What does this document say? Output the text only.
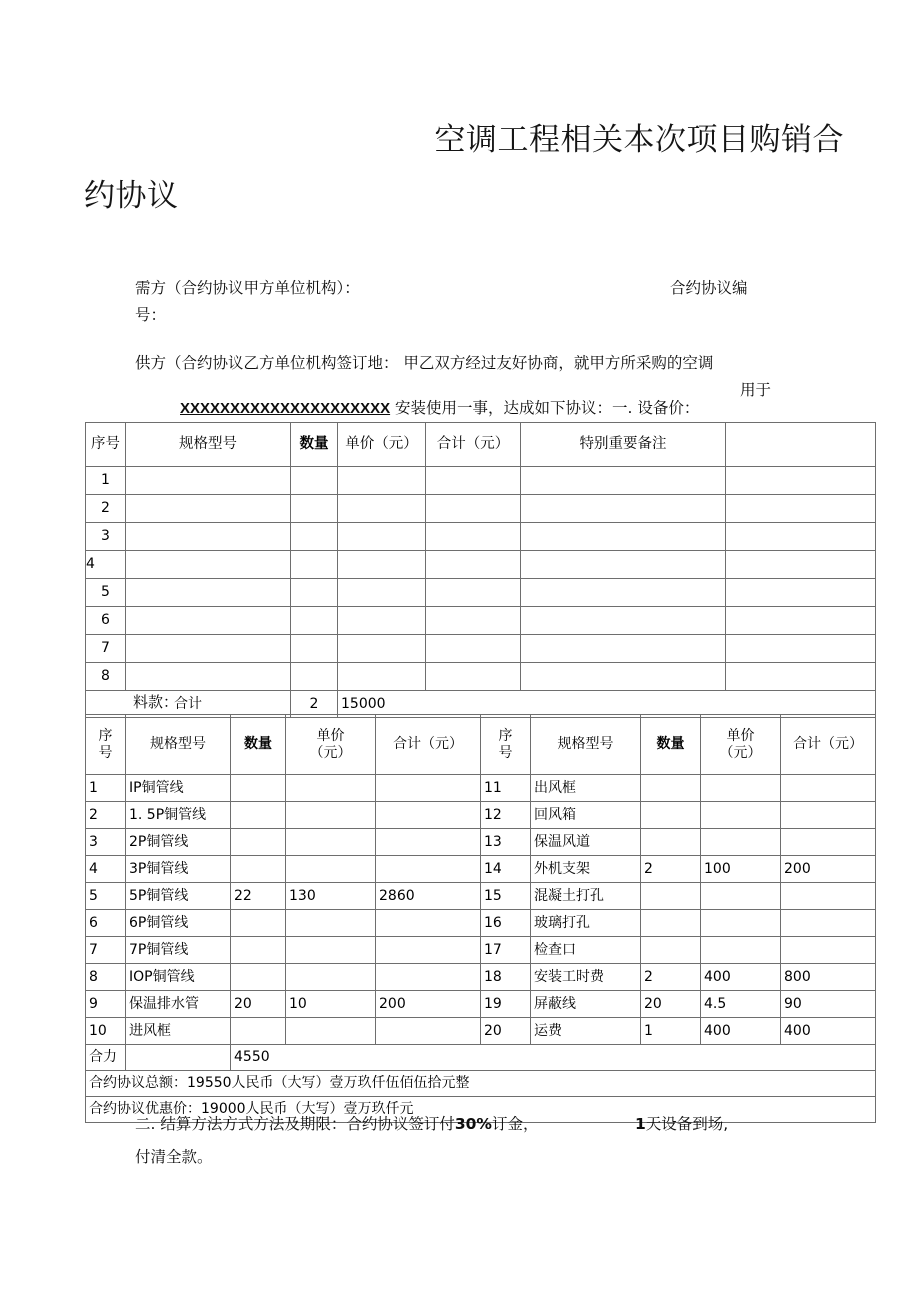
空调工程相关本次项目购销合
约协议
需方（合约协议甲方单位机构）：	合约协议编
号：
供方（合约协议乙方单位机构签订地： 甲乙双方经过友好协商，就甲方所采购的空调
用于
XXXXXXXXXXXXXXXXXXXXX 安装使用一事，达成如下协议：一. 设备价：
序号	规格型号	数量	单价（元）	合计（元）	特别重要备注	
1						
2						
3						
4						
5						
6						
7						
8						
合计		2	15000			
料款：
序
号	规格型号	数量	单价
（元）	合计（元）	序
号	规格型号	数量	单价
（元）	合计（元）
1	IP铜管线				11	出风框			
2	1. 5P铜管线				12	回风箱			
3	2P铜管线				13	保温风道			
4	3P铜管线				14	外机支架	2	100	200
5	5P铜管线	22	130	2860	15	混凝土打孔			
6	6P铜管线				16	玻璃打孔			
7	7P铜管线				17	检查口			
8	IOP铜管线				18	安装工时费	2	400	800
9	保温排水管	20	10	200	19	屏蔽线	20	4.5	90
10	进风框				20	运费	1	400	400
合力		4550							
合约协议总额：19550人民币（大写）壹万玖仟伍佰伍拾元整									
合约协议优惠价：19000人民币（大写）壹万玖仟元									
二. 结算方法方式方法及期限：合约协议签订付30%订金，	1天设备到场,
付清全款。
